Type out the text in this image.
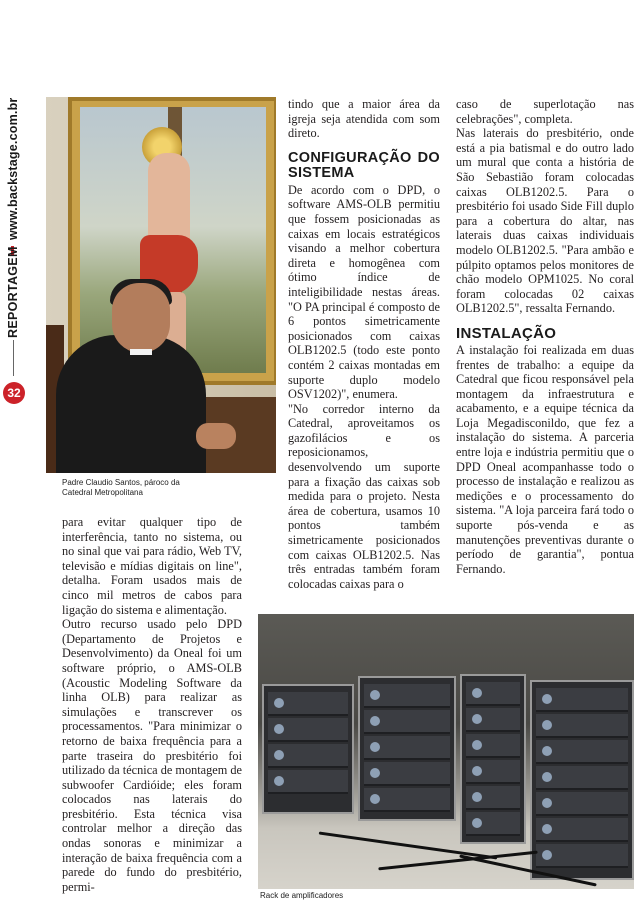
www.backstage.com.br
REPORTAGEM
32
Padre Claudio Santos, pároco da
Catedral Metropolitana

para evitar qualquer tipo de interferência, tanto no sistema, ou no sinal que vai para rádio, Web TV, televisão e mídias digitais on line", detalha. Foram usados mais de cinco mil metros de cabos para ligação do sistema e alimentação.

Outro recurso usado pelo DPD (Departamento de Projetos e Desenvolvimento) da Oneal foi um software próprio, o AMS-OLB (Acoustic Modeling Software da linha OLB) para realizar as simulações e transcrever os processamentos. "Para minimizar o retorno de baixa frequência para a parte traseira do presbitério foi utilizado da técnica de montagem de subwoofer Cardióide; eles foram colocados nas laterais do presbitério. Esta técnica visa controlar melhor a direção das ondas sonoras e minimizar a interação de baixa frequência com a parede do fundo do presbitério, permi-

tindo que a maior área da igreja seja atendida com som direto.

CONFIGURAÇÃO DO SISTEMA

De acordo com o DPD, o software AMS-OLB permitiu que fossem posicionadas as caixas em locais estratégicos visando a melhor cobertura direta e homogênea com ótimo índice de inteligibilidade nestas áreas. "O PA principal é composto de 6 pontos simetricamente posicionados com caixas OLB1202.5 (todo este ponto contém 2 caixas montadas em suporte duplo modelo OSV1202)", enumera.

"No corredor interno da Catedral, aproveitamos os gazofilácios e os reposicionamos, desenvolvendo um suporte para a fixação das caixas sob medida para o projeto. Nesta área de cobertura, usamos 10 pontos também simetricamente posicionados com caixas OLB1202.5. Nas três entradas também foram colocadas caixas para o

caso de superlotação nas celebrações", completa.

Nas laterais do presbitério, onde está a pia batismal e do outro lado um mural que conta a história de São Sebastião foram colocadas caixas OLB1202.5. Para o presbitério foi usado Side Fill duplo para a cobertura do altar, nas laterais duas caixas individuais modelo OLB1202.5. "Para ambão e púlpito optamos pelos monitores de chão modelo OPM1025. No coral foram colocadas 02 caixas OLB1202.5", ressalta Fernando.

INSTALAÇÃO

A instalação foi realizada em duas frentes de trabalho: a equipe da Catedral que ficou responsável pela montagem da infraestrutura e acabamento, e a equipe técnica da Loja Megadisconildo, que fez a instalação do sistema. A parceria entre loja e indústria permitiu que o DPD Oneal acompanhasse todo o processo de instalação e realizou as medições e o processamento do sistema. "A loja parceira fará todo o suporte pós-venda e as manutenções preventivas durante o período de garantia", pontua Fernando.

Rack de amplificadores
